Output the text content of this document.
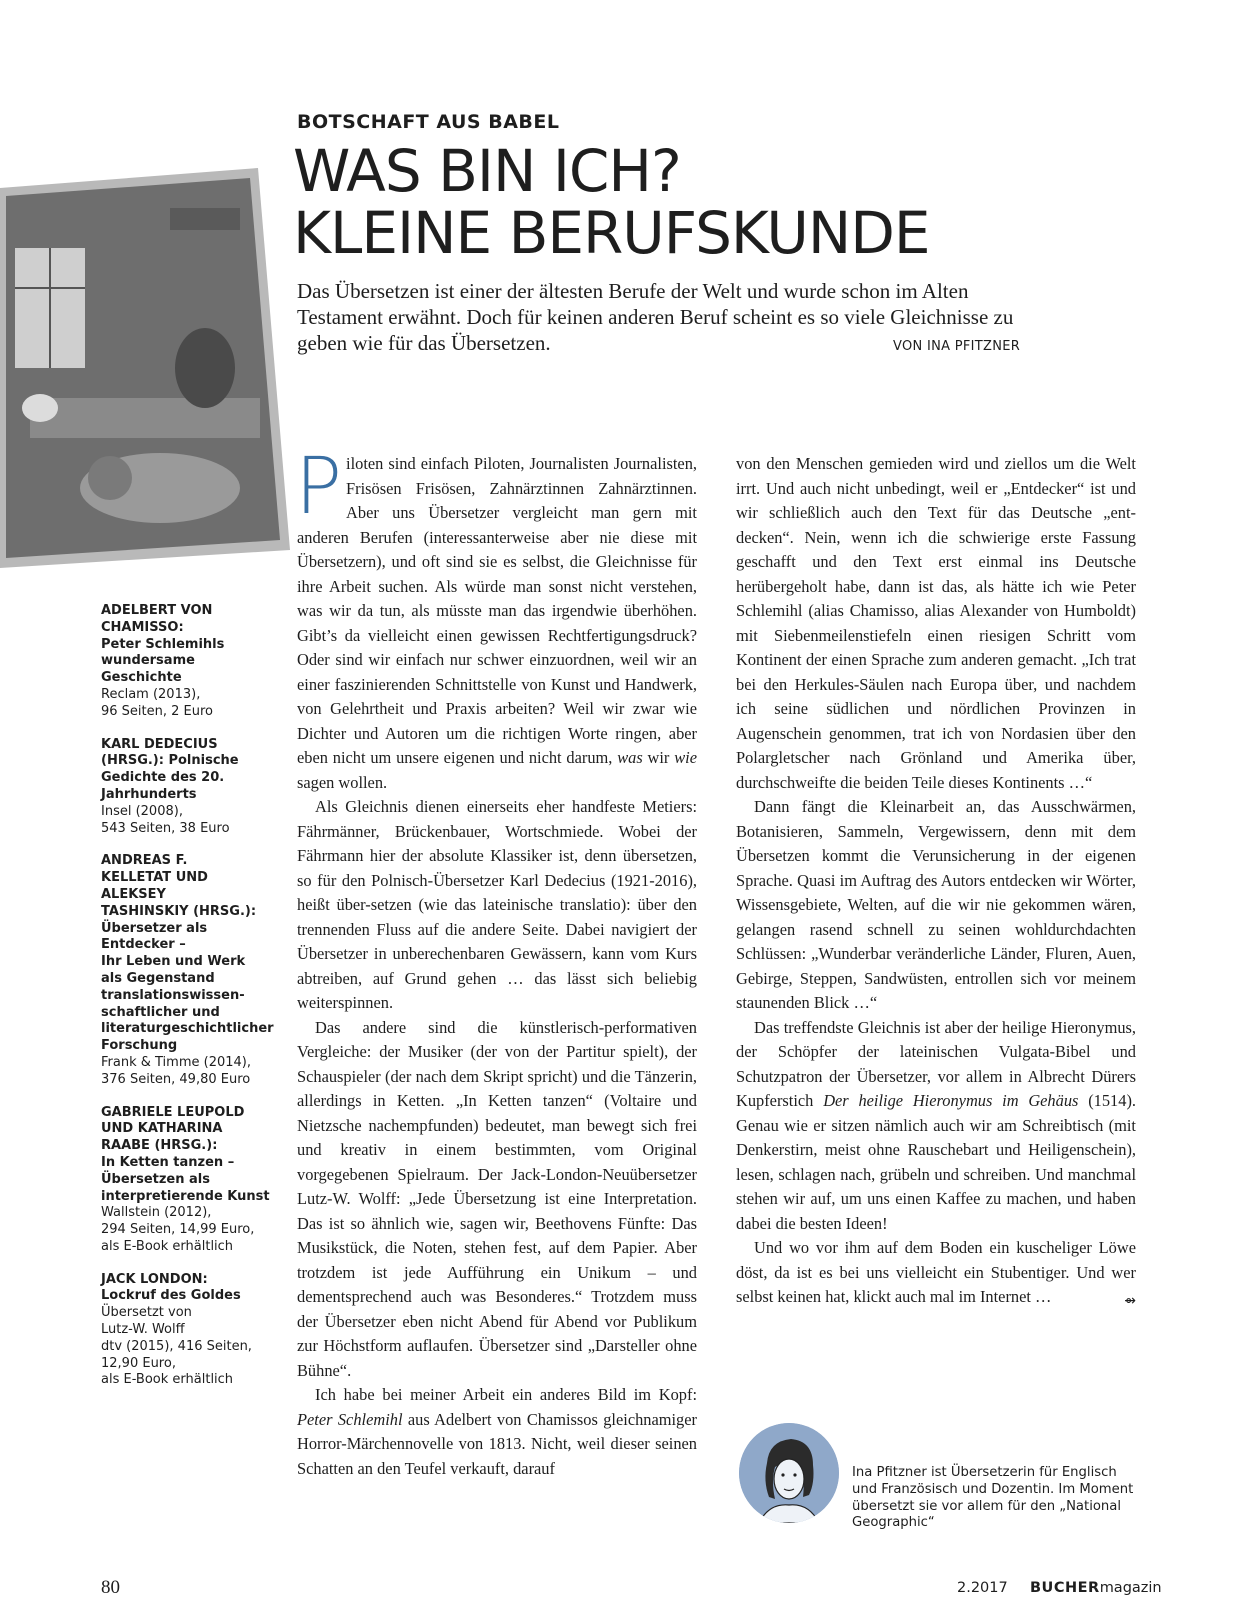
BOTSCHAFT AUS BABEL
WAS BIN ICH?
KLEINE BERUFSKUNDE
Das Übersetzen ist einer der ältesten Berufe der Welt und wurde schon im Alten Testament erwähnt. Doch für keinen anderen Beruf scheint es so viele Gleichnisse zu geben wie für das Übersetzen.	VON INA PFITZNER
ADELBERT VON
CHAMISSO:
Peter Schlemihls
wundersame
Geschichte
Reclam (2013),
96 Seiten, 2 Euro
KARL DEDECIUS
(HRSG.): Polnische
Gedichte des 20.
Jahrhunderts
Insel (2008),
543 Seiten, 38 Euro
ANDREAS F.
KELLETAT UND
ALEKSEY
TASHINSKIY (HRSG.):
Übersetzer als
Entdecker –
Ihr Leben und Werk
als Gegenstand
translationswissen-
schaftlicher und
literaturgeschichtlicher
Forschung
Frank & Timme (2014),
376 Seiten, 49,80 Euro
GABRIELE LEUPOLD
UND KATHARINA
RAABE (HRSG.):
In Ketten tanzen –
Übersetzen als
interpretierende Kunst
Wallstein (2012),
294 Seiten, 14,99 Euro,
als E-Book erhältlich
JACK LONDON:
Lockruf des Goldes
Übersetzt von
Lutz-W. Wolff
dtv (2015), 416 Seiten,
12,90 Euro,
als E-Book erhältlich

Piloten sind einfach Piloten, Journalisten Journalisten, Frisösen Frisösen, Zahnärztinnen Zahnärztinnen. Aber uns Übersetzer vergleicht man gern mit anderen Berufen (interessanterweise aber nie diese mit Übersetzern), und oft sind sie es selbst, die Gleichnisse für ihre Arbeit suchen. Als würde man sonst nicht verstehen, was wir da tun, als müsste man das irgendwie überhöhen. Gibt’s da vielleicht einen gewissen Rechtfertigungsdruck? Oder sind wir einfach nur schwer einzuordnen, weil wir an einer faszinierenden Schnittstelle von Kunst und Handwerk, von Gelehrtheit und Praxis arbeiten? Weil wir zwar wie Dichter und Autoren um die richtigen Worte ringen, aber eben nicht um unsere eigenen und nicht darum, was wir wie sagen wollen.

Als Gleichnis dienen einerseits eher handfeste Metiers: Fährmänner, Brückenbauer, Wortschmiede. Wobei der Fährmann hier der absolute Klassiker ist, denn übersetzen, so für den Polnisch-Übersetzer Karl Dedecius (1921-2016), heißt über-setzen (wie das lateinische translatio): über den trennenden Fluss auf die andere Seite. Dabei navigiert der Übersetzer in unberechenbaren Gewässern, kann vom Kurs abtreiben, auf Grund gehen … das lässt sich beliebig weiterspinnen.

Das andere sind die künstlerisch-performativen Vergleiche: der Musiker (der von der Partitur spielt), der Schauspieler (der nach dem Skript spricht) und die Tänzerin, allerdings in Ketten. „In Ketten tanzen“ (Voltaire und Nietzsche nachempfunden) bedeutet, man bewegt sich frei und kreativ in einem bestimmten, vom Original vorgegebenen Spielraum. Der Jack-London-Neuübersetzer Lutz-W. Wolff: „Jede Übersetzung ist eine Interpretation. Das ist so ähnlich wie, sagen wir, Beethovens Fünfte: Das Musikstück, die Noten, stehen fest, auf dem Papier. Aber trotzdem ist jede Aufführung ein Unikum – und dementsprechend auch was Besonderes.“ Trotzdem muss der Übersetzer eben nicht Abend für Abend vor Publikum zur Höchstform auflaufen. Übersetzer sind „Darsteller ohne Bühne“.

Ich habe bei meiner Arbeit ein anderes Bild im Kopf: Peter Schlemihl aus Adelbert von Chamissos gleichnamiger Horror-Märchennovelle von 1813. Nicht, weil dieser seinen Schatten an den Teufel verkauft, darauf

von den Menschen gemieden wird und ziellos um die Welt irrt. Und auch nicht unbedingt, weil er „Entdecker“ ist und wir schließlich auch den Text für das Deutsche „ent-decken“. Nein, wenn ich die schwierige erste Fassung geschafft und den Text erst einmal ins Deutsche herübergeholt habe, dann ist das, als hätte ich wie Peter Schlemihl (alias Chamisso, alias Alexander von Humboldt) mit Siebenmeilenstiefeln einen riesigen Schritt vom Kontinent der einen Sprache zum anderen gemacht. „Ich trat bei den Herkules-Säulen nach Europa über, und nachdem ich seine südlichen und nördlichen Provinzen in Augenschein genommen, trat ich von Nordasien über den Polargletscher nach Grönland und Amerika über, durchschweifte die beiden Teile dieses Kontinents …“

Dann fängt die Kleinarbeit an, das Ausschwärmen, Botanisieren, Sammeln, Vergewissern, denn mit dem Übersetzen kommt die Verunsicherung in der eigenen Sprache. Quasi im Auftrag des Autors entdecken wir Wörter, Wissensgebiete, Welten, auf die wir nie gekommen wären, gelangen rasend schnell zu seinen wohldurchdachten Schlüssen: „Wunderbar veränderliche Länder, Fluren, Auen, Gebirge, Steppen, Sandwüsten, entrollen sich vor meinem staunenden Blick …“

Das treffendste Gleichnis ist aber der heilige Hieronymus, der Schöpfer der lateinischen Vulgata-Bibel und Schutzpatron der Übersetzer, vor allem in Albrecht Dürers Kupferstich Der heilige Hieronymus im Gehäus (1514). Genau wie er sitzen nämlich auch wir am Schreibtisch (mit Denkerstirn, meist ohne Rauschebart und Heiligenschein), lesen, schlagen nach, grübeln und schreiben. Und manchmal stehen wir auf, um uns einen Kaffee zu machen, und haben dabei die besten Ideen!

Und wo vor ihm auf dem Boden ein kuscheliger Löwe döst, da ist es bei uns vielleicht ein Stubentiger. Und wer selbst keinen hat, klickt auch mal im Internet …	⇴

Ina Pfitzner ist Übersetzerin für Englisch und Französisch und Dozentin. Im Moment übersetzt sie vor allem für den „National Geographic“
80	2.2017 BUCHERmagazin
